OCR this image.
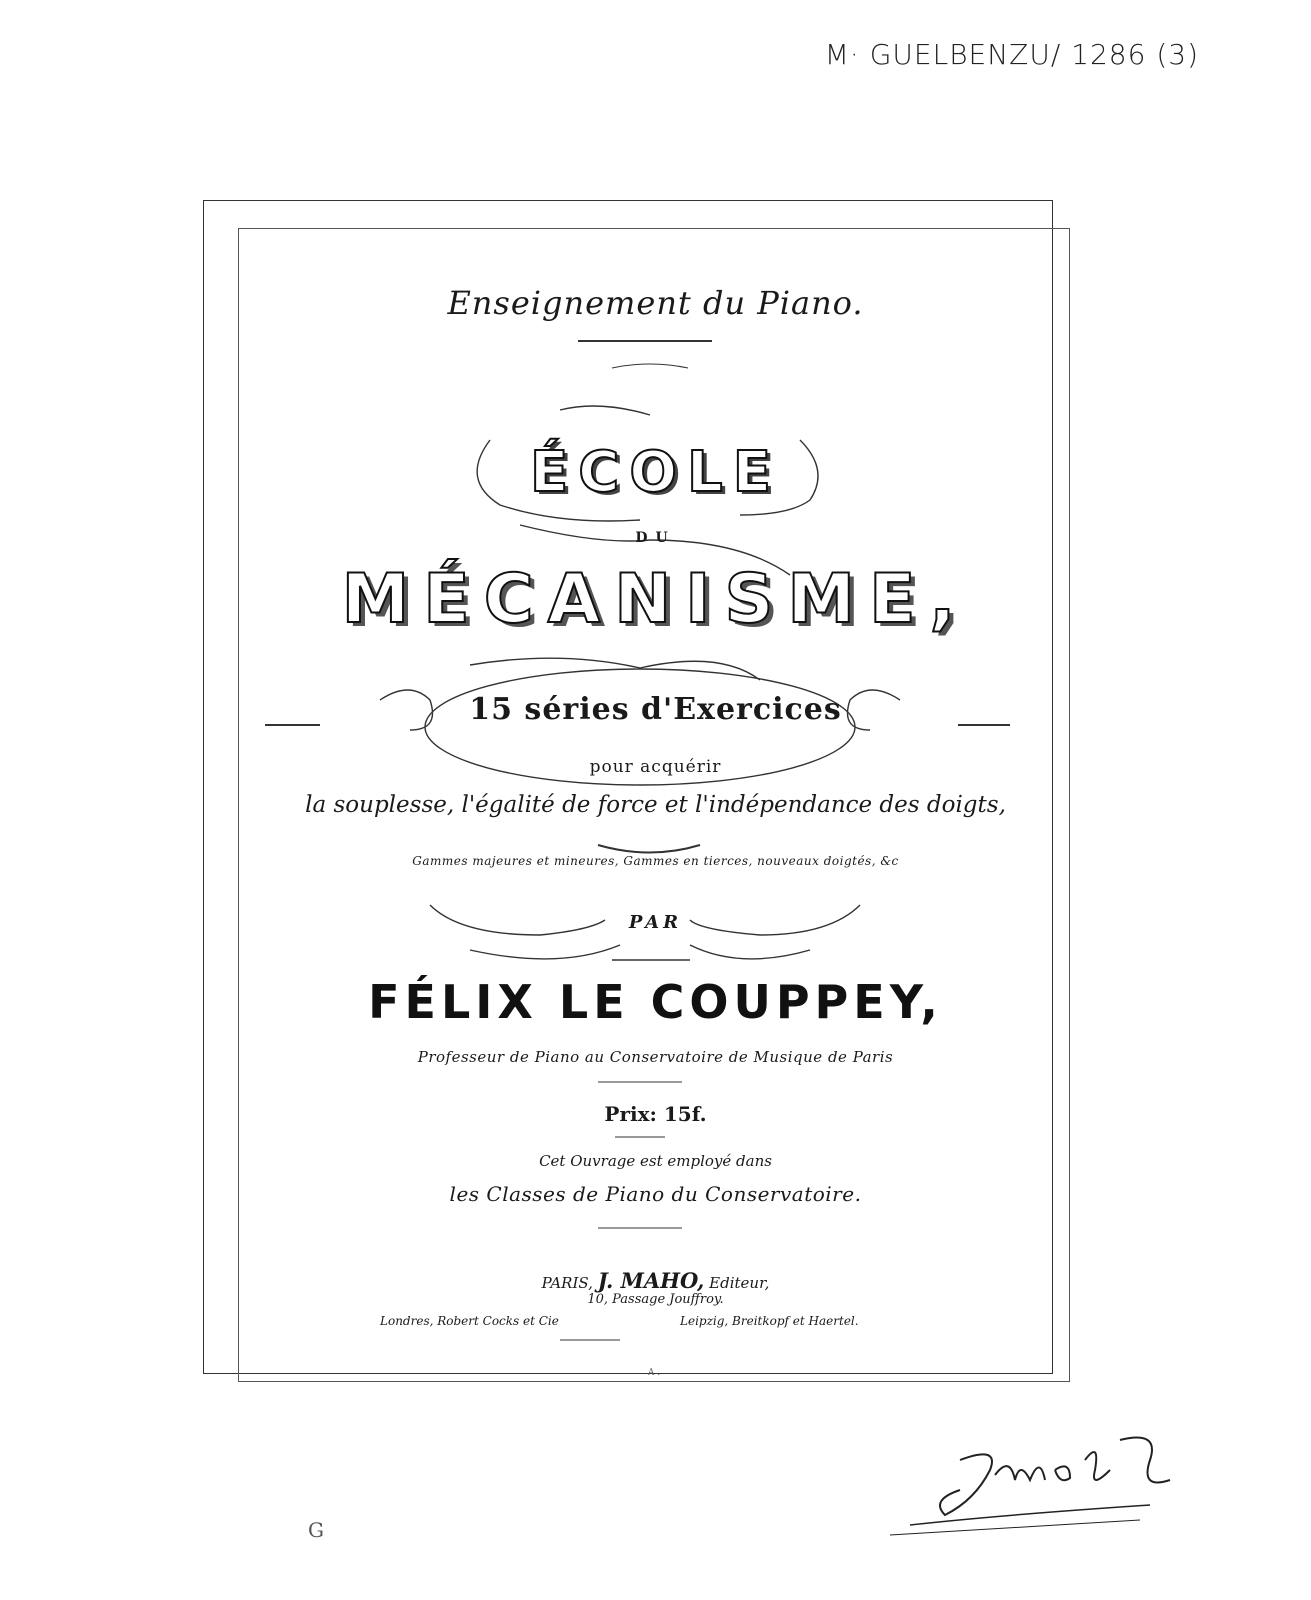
M· GUELBENZU/ 1286 (3)
Enseignement du Piano.
ÉCOLE
DU
MÉCANISME,
15 séries d'Exercices
pour acquérir
la souplesse, l'égalité de force et l'indépendance des doigts,
Gammes majeures et mineures, Gammes en tierces, nouveaux doigtés, &c
PAR
FÉLIX LE COUPPEY,
Professeur de Piano au Conservatoire de Musique de Paris
Prix: 15f.
Cet Ouvrage est employé dans
les Classes de Piano du Conservatoire.
PARIS, J. MAHO, Editeur,
10, Passage Jouffroy.
Londres, Robert Cocks et Cie	Leipzig, Breitkopf et Haertel.
A.
G
